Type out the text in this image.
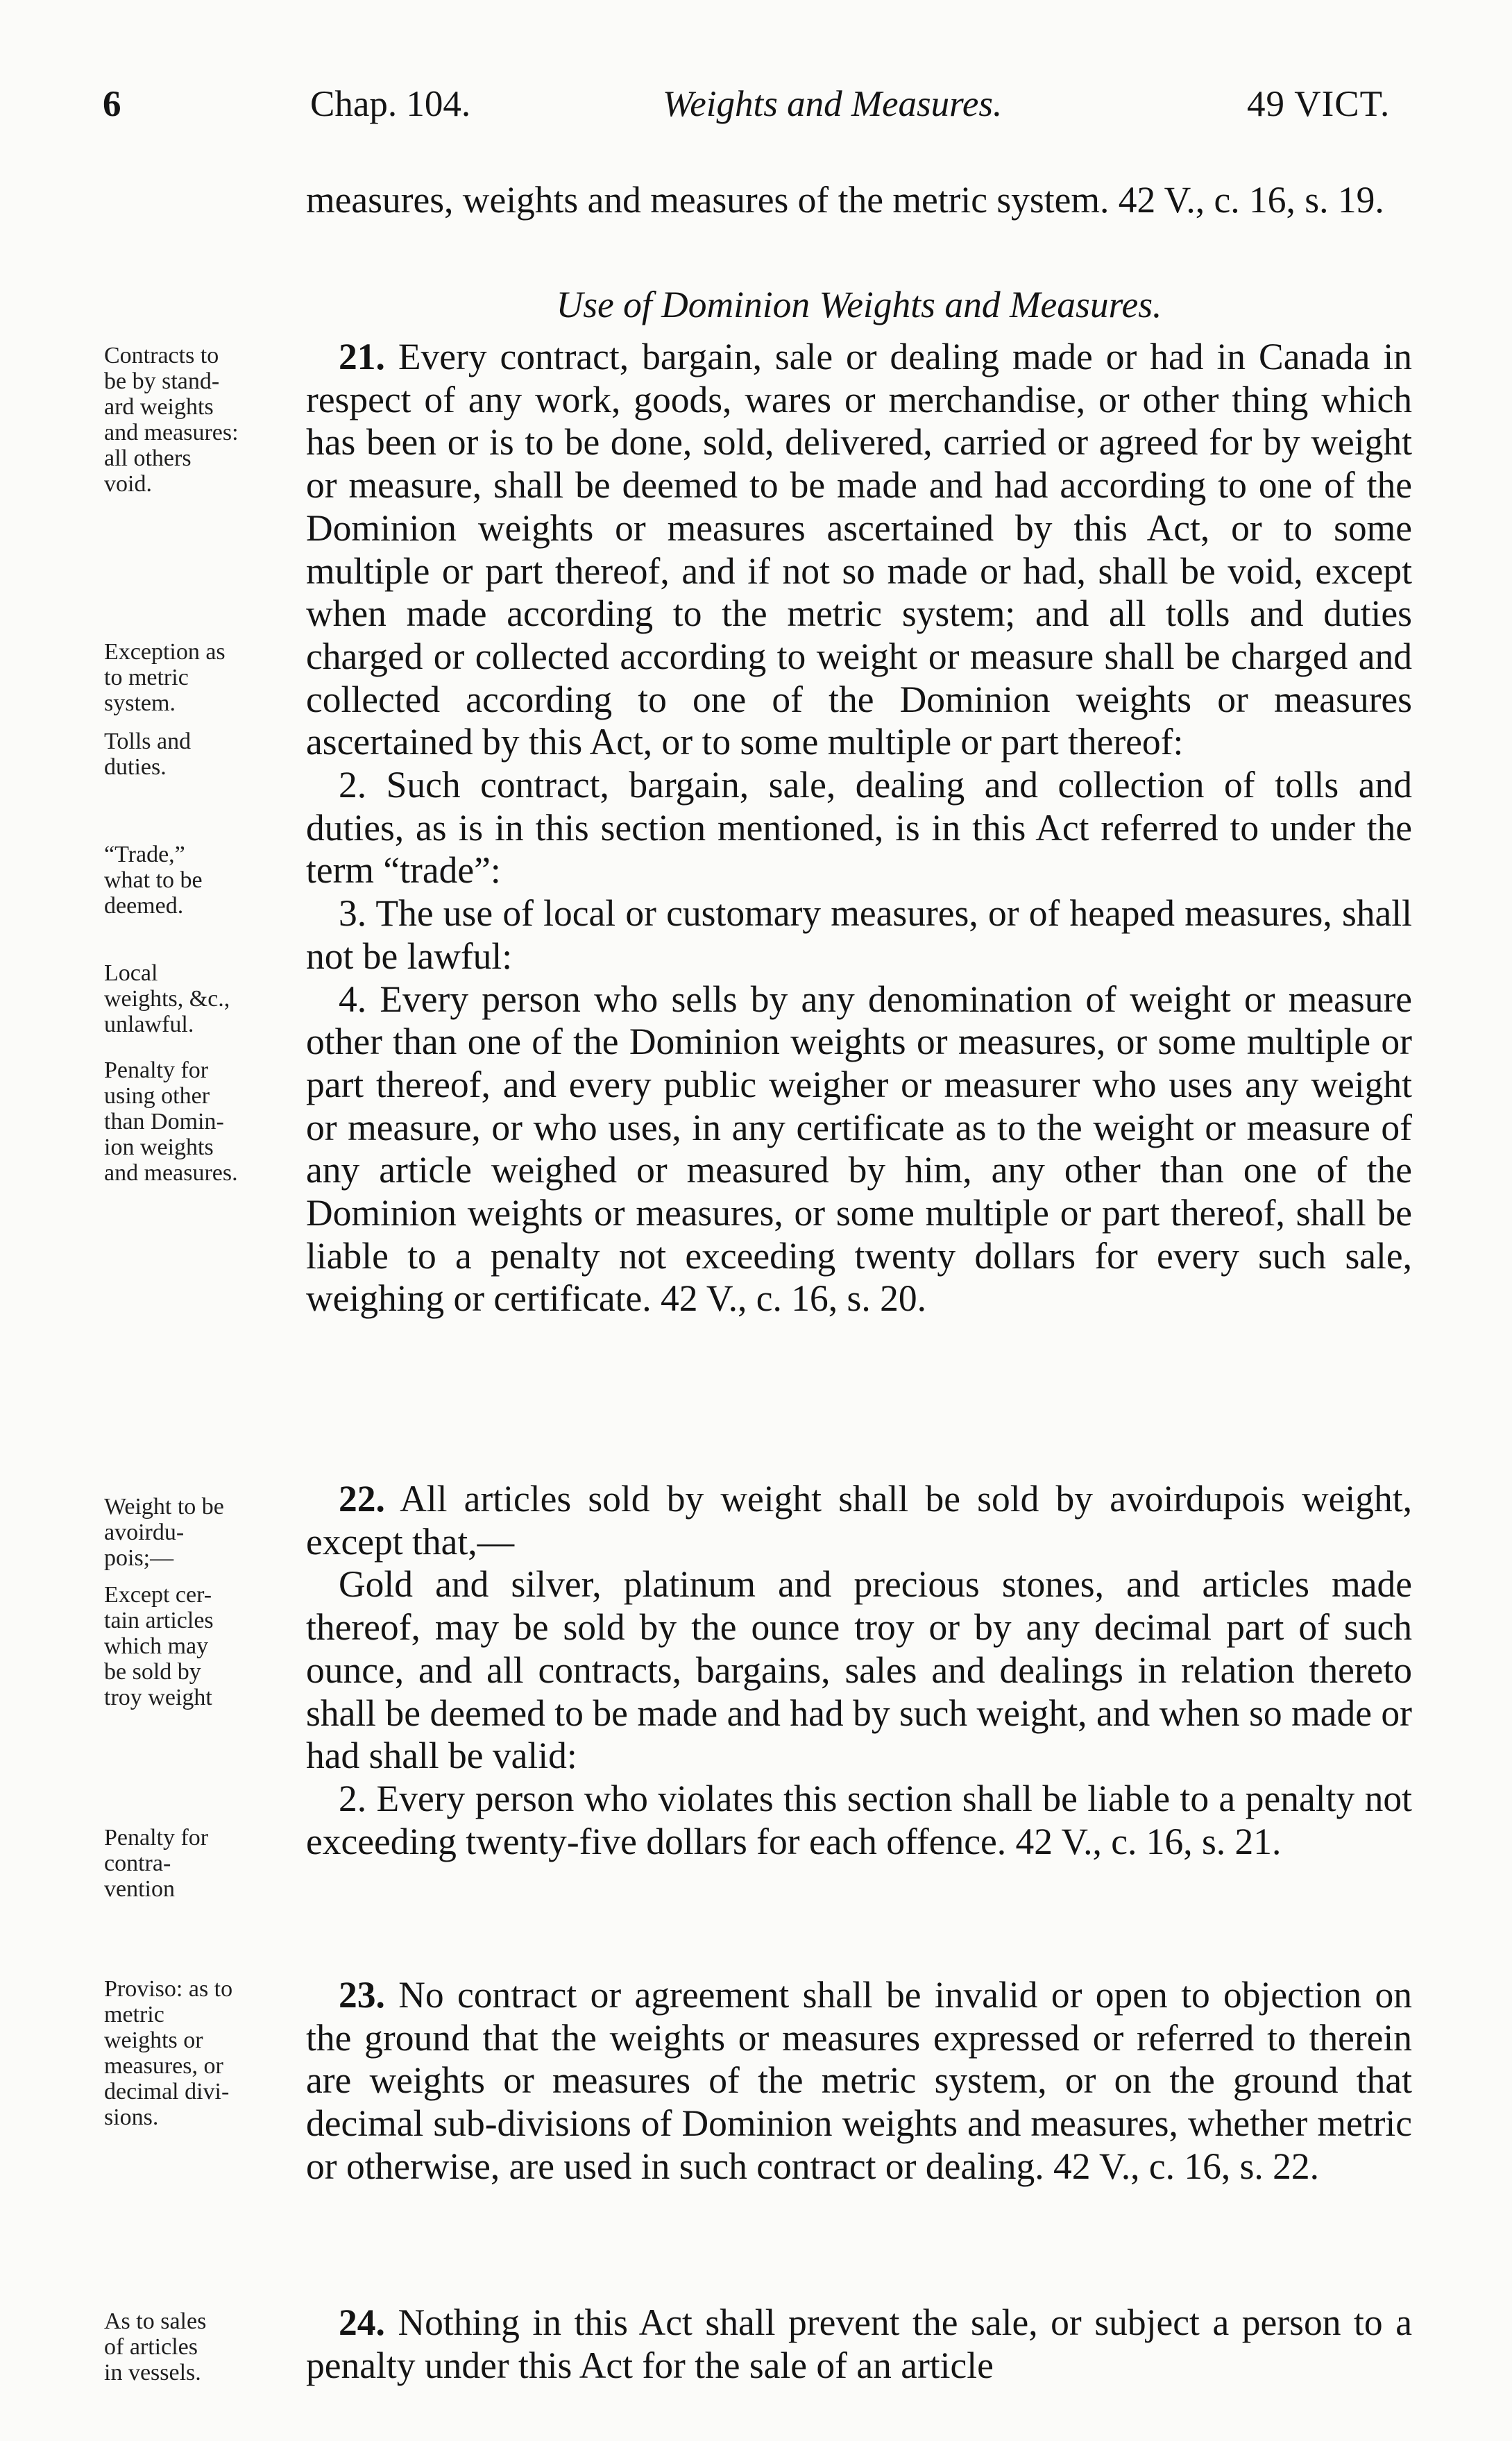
6	Chap. 104.	Weights and Measures.	49 VICT.

measures, weights and measures of the metric system. 42 V., c. 16, s. 19.

Use of Dominion Weights and Measures.

21. Every contract, bargain, sale or dealing made or had in Canada in respect of any work, goods, wares or merchandise, or other thing which has been or is to be done, sold, delivered, carried or agreed for by weight or measure, shall be deemed to be made and had according to one of the Dominion weights or measures ascertained by this Act, or to some multiple or part thereof, and if not so made or had, shall be void, except when made according to the metric system; and all tolls and duties charged or collected according to weight or measure shall be charged and collected according to one of the Dominion weights or measures ascertained by this Act, or to some multiple or part thereof:

2. Such contract, bargain, sale, dealing and collection of tolls and duties, as is in this section mentioned, is in this Act referred to under the term “trade”:

3. The use of local or customary measures, or of heaped measures, shall not be lawful:

4. Every person who sells by any denomination of weight or measure other than one of the Dominion weights or measures, or some multiple or part thereof, and every public weigher or measurer who uses any weight or measure, or who uses, in any certificate as to the weight or measure of any article weighed or measured by him, any other than one of the Dominion weights or measures, or some multiple or part thereof, shall be liable to a penalty not exceeding twenty dollars for every such sale, weighing or certificate. 42 V., c. 16, s. 20.

22. All articles sold by weight shall be sold by avoirdupois weight, except that,—

Gold and silver, platinum and precious stones, and articles made thereof, may be sold by the ounce troy or by any decimal part of such ounce, and all contracts, bargains, sales and dealings in relation thereto shall be deemed to be made and had by such weight, and when so made or had shall be valid:

2. Every person who violates this section shall be liable to a penalty not exceeding twenty-five dollars for each offence. 42 V., c. 16, s. 21.

23. No contract or agreement shall be invalid or open to objection on the ground that the weights or measures expressed or referred to therein are weights or measures of the metric system, or on the ground that decimal sub-divisions of Dominion weights and measures, whether metric or otherwise, are used in such contract or dealing. 42 V., c. 16, s. 22.

24. Nothing in this Act shall prevent the sale, or subject a person to a penalty under this Act for the sale of an article

Contracts to
be by stand-
ard weights
and measures:
all others
void.
Exception as
to metric
system.
Tolls and
duties.
“Trade,”
what to be
deemed.
Local
weights, &c.,
unlawful.
Penalty for
using other
than Domin-
ion weights
and measures.
Weight to be
avoirdu-
pois;—
Except cer-
tain articles
which may
be sold by
troy weight
Penalty for
contra-
vention
Proviso: as to
metric
weights or
measures, or
decimal divi-
sions.
As to sales
of articles
in vessels.
